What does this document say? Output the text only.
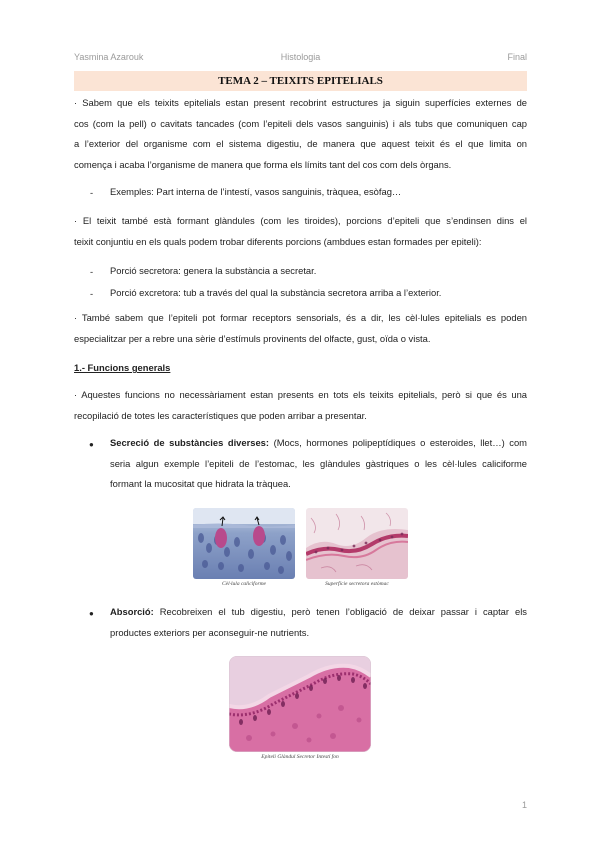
Yasmina Azarouk	Histologia	Final
TEMA 2 – TEIXITS EPITELIALS
· Sabem que els teixits epitelials estan present recobrint estructures ja siguin superfícies externes de
cos (com la pell) o cavitats tancades (com l’epiteli dels vasos sanguinis) i als tubs que comuniquen cap
a l’exterior del organisme com el sistema digestiu, de manera que aquest teixit és el que limita on
comença i acaba l’organisme de manera que forma els límits tant del cos com dels òrgans.
- Exemples: Part interna de l’intestí, vasos sanguinis, tràquea, esòfag…
· El teixit també està formant glàndules (com les tiroides), porcions d’epiteli que s’endinsen dins el
teixit conjuntiu en els quals podem trobar diferents porcions (ambdues estan formades per epiteli):
- Porció secretora: genera la substància a secretar.
- Porció excretora: tub a través del qual la substància secretora arriba a l’exterior.
· També sabem que l’epiteli pot formar receptors sensorials, és a dir, les cèl·lules epitelials es poden
especialitzar per a rebre una sèrie d’estímuls provinents del olfacte, gust, oïda o vista.
1.- Funcions generals
· Aquestes funcions no necessàriament estan presents en tots els teixits epitelials, però si que és una
recopilació de totes les característiques que poden arribar a presentar.
● Secreció de substàncies diverses: (Mocs, hormones polipeptídiques o esteroides, llet…) com
seria algun exemple l’epiteli de l’estomac, les glàndules gàstriques o les cèl·lules caliciforme
formant la mucositat que hidrata la tràquea.
Cèl·lula caliciforme	Superfície secretora estòmac
● Absorció: Recobreixen el tub digestiu, però tenen l’obligació de deixar passar i captar els
productes exteriors per aconseguir-ne nutrients.
Epiteli Glàndul Secretor Intestí fon
1
